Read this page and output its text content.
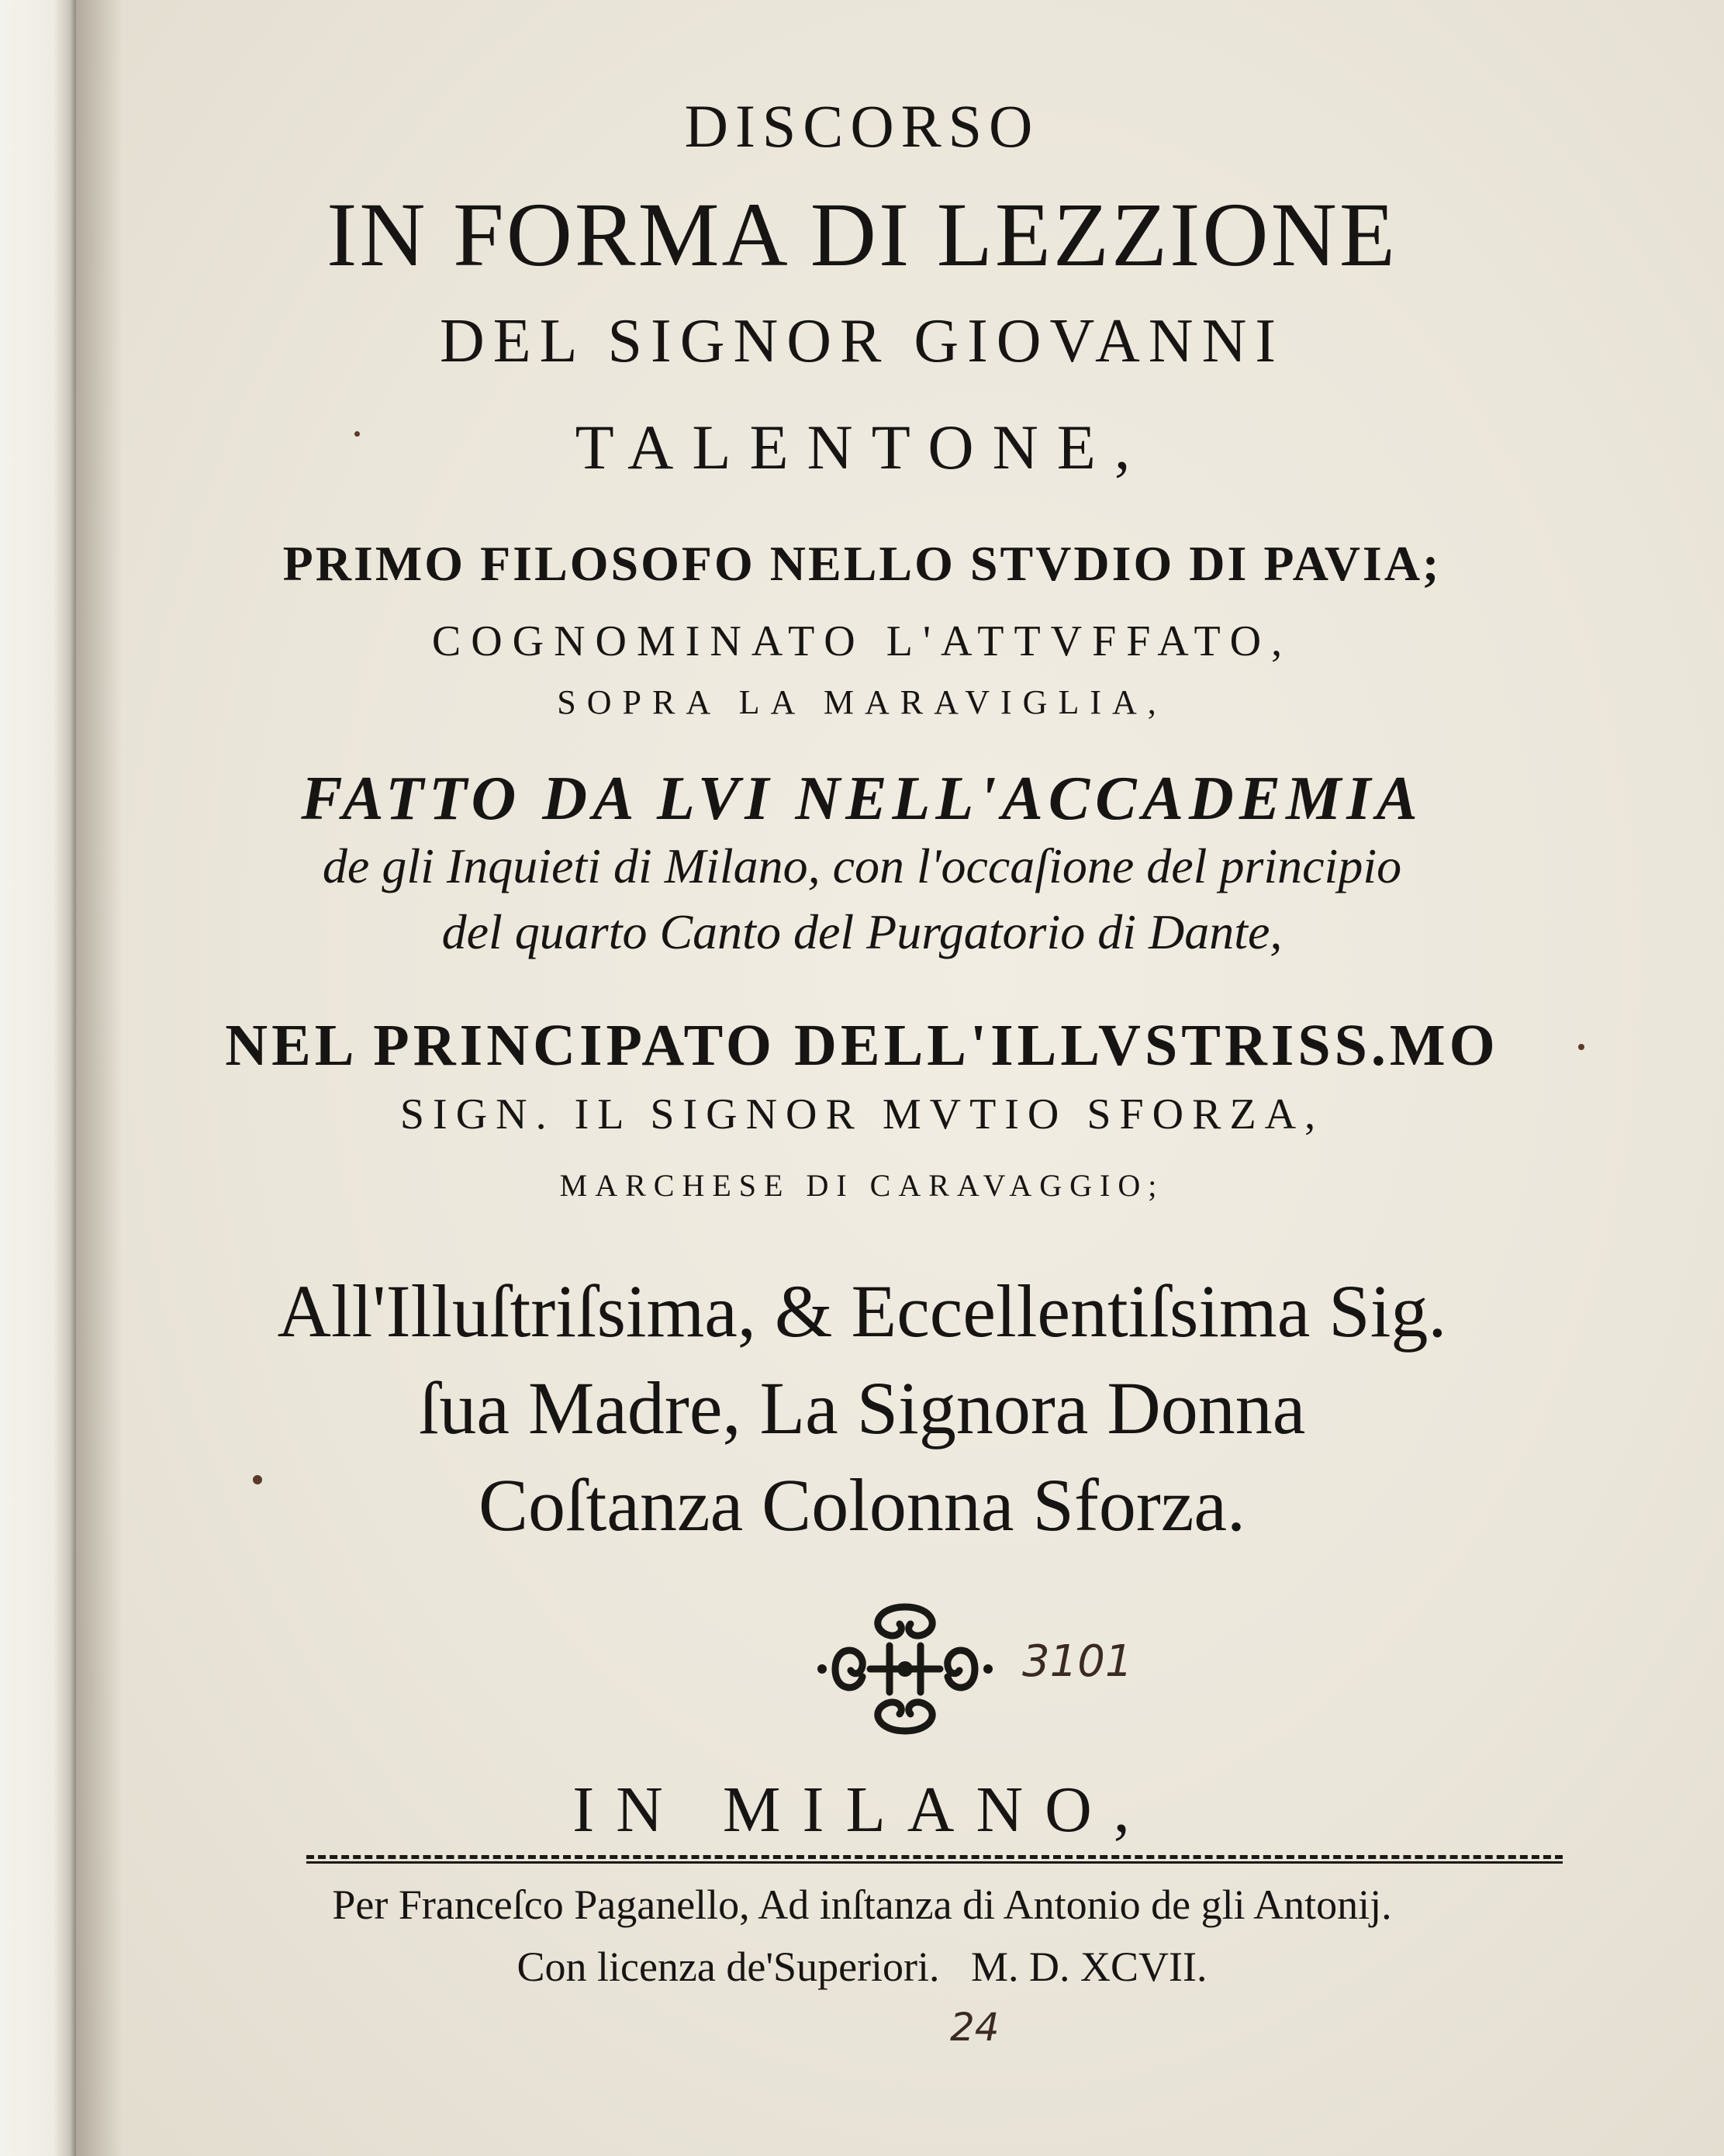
DISCORSO
IN FORMA DI LEZZIONE
DEL SIGNOR GIOVANNI
TALENTONE,
PRIMO FILOSOFO NELLO STVDIO DI PAVIA;
COGNOMINATO L'ATTVFFATO,
SOPRA LA MARAVIGLIA,
FATTO DA LVI NELL'ACCADEMIA
de gli Inquieti di Milano, con l'occaſione del principio
del quarto Canto del Purgatorio di Dante,
NEL PRINCIPATO DELL'ILLVSTRISS.MO
SIGN. IL SIGNOR MVTIO SFORZA,
MARCHESE DI CARAVAGGIO;
All'Illuſtriſsima, & Eccellentiſsima Sig.
ſua Madre, La Signora Donna
Coſtanza Colonna Sforza.
3101
IN MILANO,
Per Franceſco Paganello, Ad inſtanza di Antonio de gli Antonij.
Con licenza de'Superiori.   M. D. XCVII.
24
